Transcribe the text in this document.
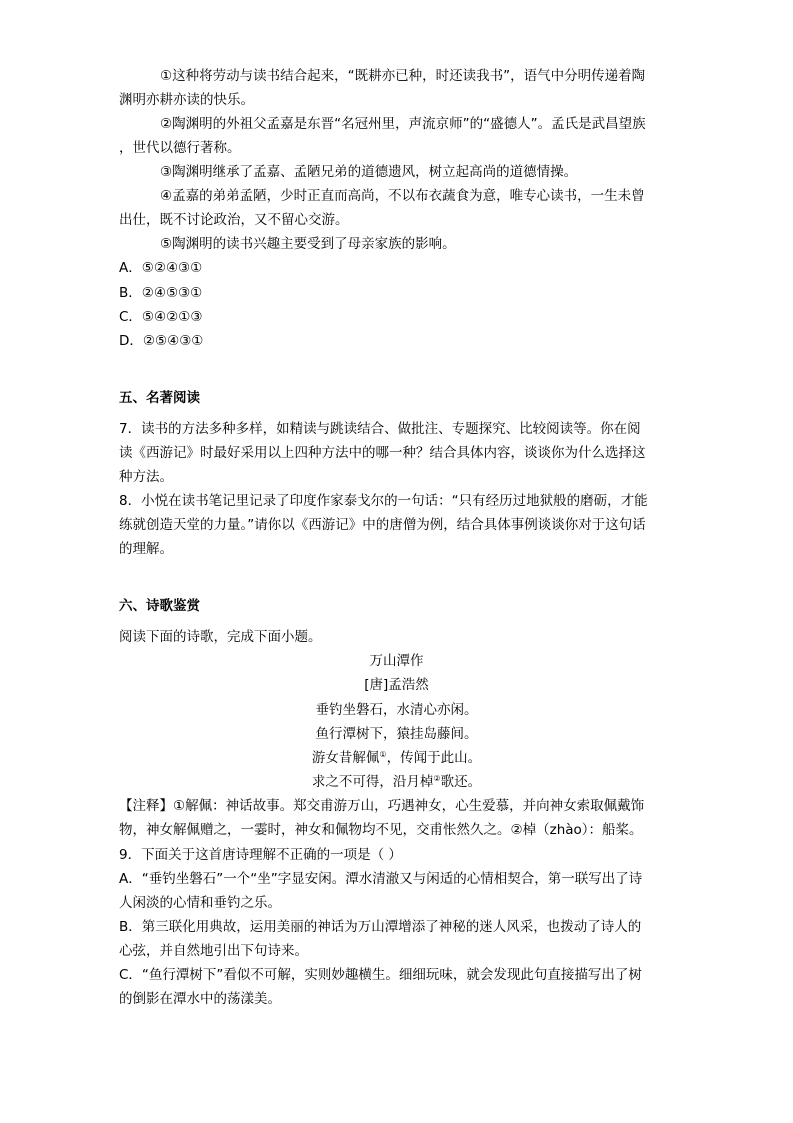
①这种将劳动与读书结合起来，“既耕亦已种，时还读我书”，语气中分明传递着陶
渊明亦耕亦读的快乐。
②陶渊明的外祖父孟嘉是东晋“名冠州里，声流京师”的“盛德人”。孟氏是武昌望族
，世代以德行著称。
③陶渊明继承了孟嘉、孟陋兄弟的道德遗风，树立起高尚的道德情操。
④孟嘉的弟弟孟陋，少时正直而高尚，不以布衣蔬食为意，唯专心读书，一生未曾
出仕，既不讨论政治，又不留心交游。
⑤陶渊明的读书兴趣主要受到了母亲家族的影响。
A．⑤②④③①
B．②④⑤③①
C．⑤④②①③
D．②⑤④③①
五、名著阅读
7．读书的方法多种多样，如精读与跳读结合、做批注、专题探究、比较阅读等。你在阅
读《西游记》时最好采用以上四种方法中的哪一种？结合具体内容，谈谈你为什么选择这
种方法。
8．小悦在读书笔记里记录了印度作家泰戈尔的一句话：“只有经历过地狱般的磨砺，才能
练就创造天堂的力量。”请你以《西游记》中的唐僧为例，结合具体事例谈谈你对于这句话
的理解。
六、诗歌鉴赏
阅读下面的诗歌，完成下面小题。
万山潭作
[唐]孟浩然
垂钓坐磐石，水清心亦闲。
鱼行潭树下，猿挂岛藤间。
游女昔解佩①，传闻于此山。
求之不可得，沿月棹②歌还。
【注释】①解佩：神话故事。郑交甫游万山，巧遇神女，心生爱慕，并向神女索取佩戴饰
物，神女解佩赠之，一霎时，神女和佩物均不见，交甫怅然久之。②棹（zhào）：船桨。
9．下面关于这首唐诗理解不正确的一项是（ ）
A．“垂钓坐磐石”一个“坐”字显安闲。潭水清澈又与闲适的心情相契合，第一联写出了诗
人闲淡的心情和垂钓之乐。
B．第三联化用典故，运用美丽的神话为万山潭增添了神秘的迷人风采，也拨动了诗人的
心弦，并自然地引出下句诗来。
C．“鱼行潭树下”看似不可解，实则妙趣横生。细细玩味，就会发现此句直接描写出了树
的倒影在潭水中的荡漾美。
